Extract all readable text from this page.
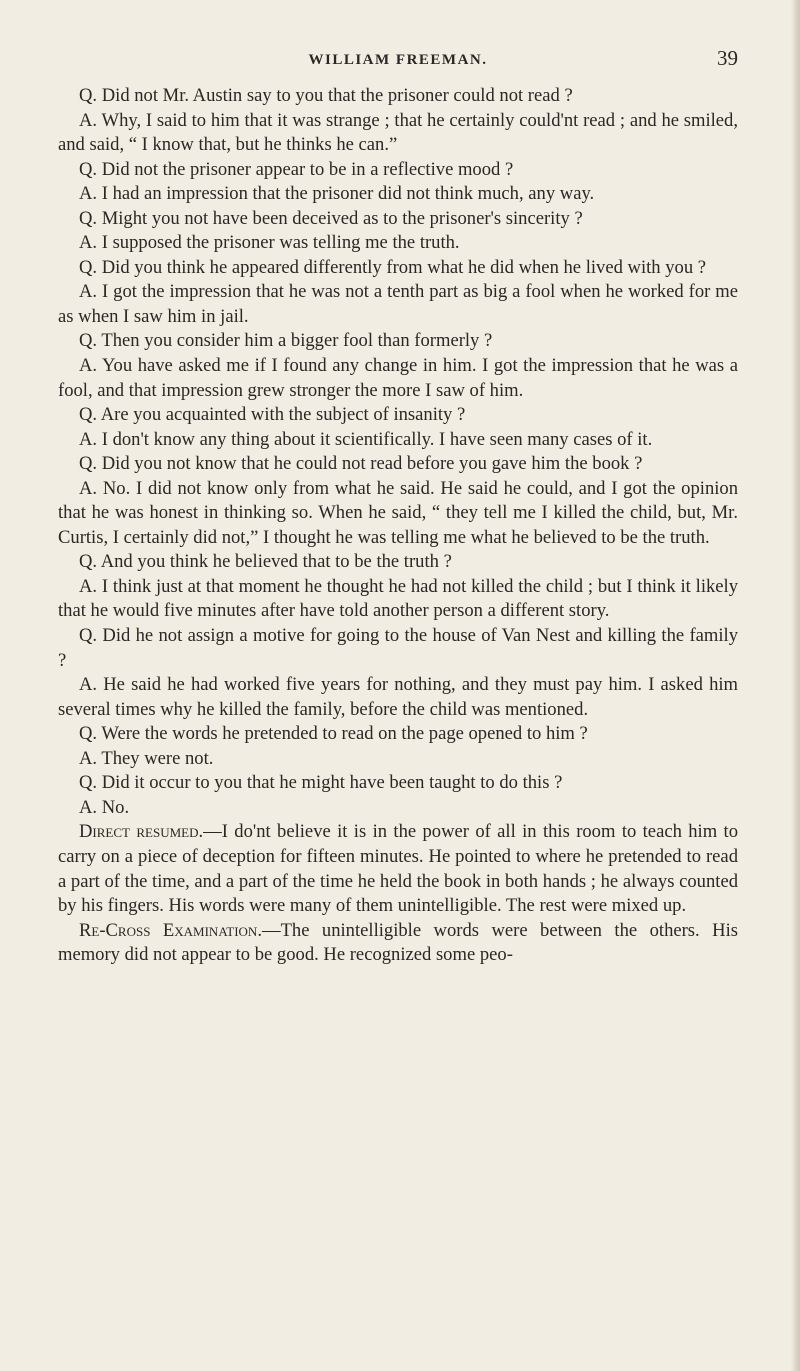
WILLIAM FREEMAN.	39

Q. Did not Mr. Austin say to you that the prisoner could not read ?

A. Why, I said to him that it was strange ; that he certainly could'nt read ; and he smiled, and said, “ I know that, but he thinks he can.”

Q. Did not the prisoner appear to be in a reflective mood ?

A. I had an impression that the prisoner did not think much, any way.

Q. Might you not have been deceived as to the prisoner's sincerity ?

A. I supposed the prisoner was telling me the truth.

Q. Did you think he appeared differently from what he did when he lived with you ?

A. I got the impression that he was not a tenth part as big a fool when he worked for me as when I saw him in jail.

Q. Then you consider him a bigger fool than formerly ?

A. You have asked me if I found any change in him. I got the impression that he was a fool, and that impression grew stronger the more I saw of him.

Q. Are you acquainted with the subject of insanity ?

A. I don't know any thing about it scientifically. I have seen many cases of it.

Q. Did you not know that he could not read before you gave him the book ?

A. No. I did not know only from what he said. He said he could, and I got the opinion that he was honest in thinking so. When he said, “ they tell me I killed the child, but, Mr. Curtis, I certainly did not,” I thought he was telling me what he believed to be the truth.

Q. And you think he believed that to be the truth ?

A. I think just at that moment he thought he had not killed the child ; but I think it likely that he would five minutes after have told another person a different story.

Q. Did he not assign a motive for going to the house of Van Nest and killing the family ?

A. He said he had worked five years for nothing, and they must pay him. I asked him several times why he killed the family, before the child was mentioned.

Q. Were the words he pretended to read on the page opened to him ?

A. They were not.

Q. Did it occur to you that he might have been taught to do this ?

A. No.

Direct resumed.—I do'nt believe it is in the power of all in this room to teach him to carry on a piece of deception for fifteen minutes. He pointed to where he pretended to read a part of the time, and a part of the time he held the book in both hands ; he always counted by his fingers. His words were many of them unintelligible. The rest were mixed up.

Re-Cross Examination.—The unintelligible words were between the others. His memory did not appear to be good. He recognized some peo-
